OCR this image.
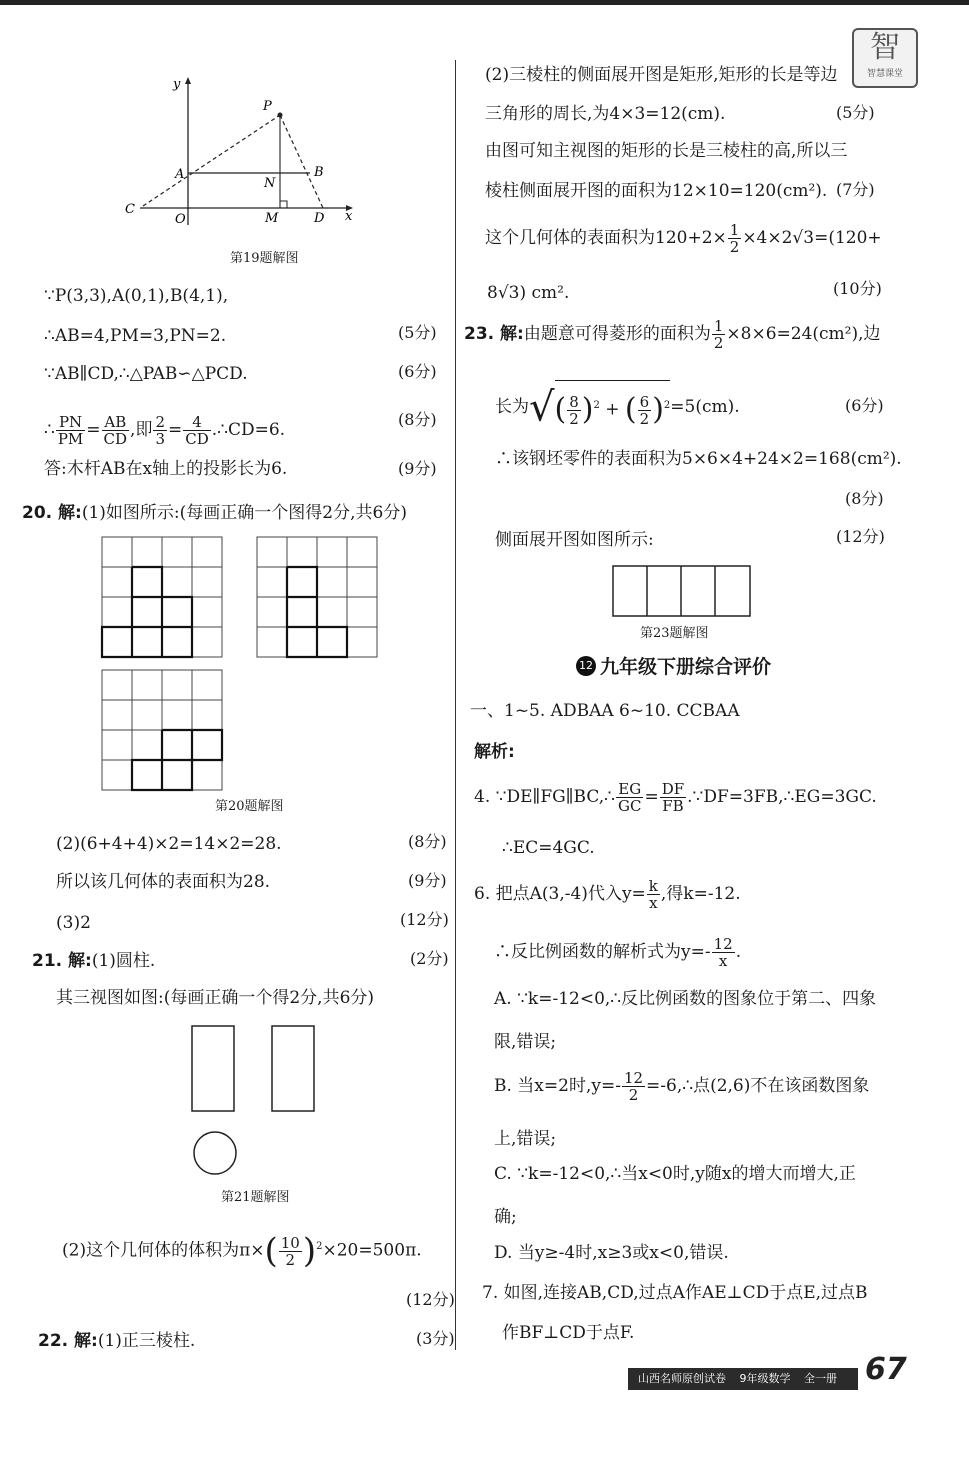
智
智慧课堂
y
x
P
A	B
N
C
O	M	D
第19题解图
∵P(3,3),A(0,1),B(4,1),
∴AB=4,PM=3,PN=2.	(5分)
∵AB∥CD,∴△PAB∽△PCD.	(6分)
∴ $\frac{PN}{PM} = \frac{AB}{CD}$ ,即 $\frac{2}{3} = \frac{4}{CD}$ .∴CD=6.
(8分)
答:木杆AB在x轴上的投影长为6.	(9分)
20. 解:(1)如图所示:(每画正确一个图得2分,共6分)
第20题解图
(2)(6+4+4)×2=14×2=28.	(8分)
所以该几何体的表面积为28.	(9分)
(3)2	(12分)
21. 解:(1)圆柱.	(2分)
其三视图如图:(每画正确一个得2分,共6分)
第21题解图
(2)这个几何体的体积为$\pi\times( \frac{10}{2} )^2\times 20=500\pi$.
(12分)
22. 解:(1)正三棱柱.	(3分)
(2)三棱柱的侧面展开图是矩形,矩形的长是等边
三角形的周长,为4×3=12(cm).	(5分)
由图可知主视图的矩形的长是三棱柱的高,所以三
棱柱侧面展开图的面积为12×10=120(cm²). (7分)
这个几何体的表面积为$120+2\times \frac{1}{2} \times 4\times 2√3=(120+$
8√3) cm².	(10分)
23. 解:由题意可得菱形的面积为 $\frac{1}{2} \times 8\times 6=24(cm^2)$,边
长为√( $\frac{8}{2} )^2$ + ( $\frac{6}{2} )^2=5(cm)$.	(6分)
∴该钢坯零件的表面积为5×6×4+24×2=168(cm²).
(8分)
侧面展开图如图所示:	(12分)
第23题解图
12 九年级下册综合评价
一、1~5. ADBAA 6~10. CCBAA
解析:
4. ∵DE∥FG∥BC,∴ $\frac{EG}{GC} = \frac{DF}{FB}$ .∵DF=3FB,∴EG=3GC.
∴EC=4GC.
6. 把点A(3,-4)代入$y= \frac{k}{x}$ ,得k=-12.
∴反比例函数的解析式为$y=- \frac{12}{x}$ .
A. ∵k=-12<0,∴反比例函数的图象位于第二、四象
限,错误;
B. 当x=2时$,y=- \frac{12}{2}$ =-6,∴点(2,6)不在该函数图象
上,错误;
C. ∵k=-12<0,∴当x<0时,y随x的增大而增大,正
确;
D. 当y≥-4时,x≥3或x<0,错误.
7. 如图,连接AB,CD,过点A作AE⊥CD于点E,过点B
作BF⊥CD于点F.
山西名师原创试卷 9年级数学 全一册 67
